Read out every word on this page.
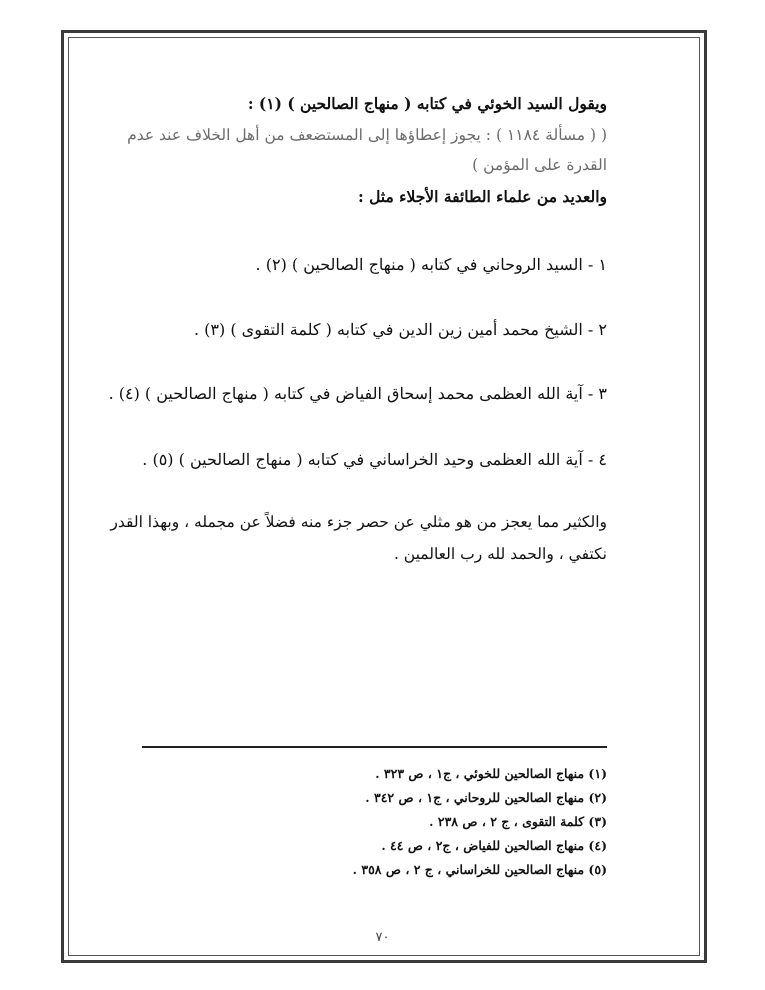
ويقول السيد الخوئي في كتابه ( منهاج الصالحين ) (١) :
( ( مسألة ١١٨٤ ) : يجوز إعطاؤها إلى المستضعف من أهل الخلاف عند عدم
القدرة على المؤمن )
والعديد من علماء الطائفة الأجلاء مثل :
١ - السيد الروحاني في كتابه ( منهاج الصالحين ) (٢) .
٢ - الشيخ محمد أمين زين الدين في كتابه ( كلمة التقوى ) (٣) .
٣ - آية الله العظمى محمد إسحاق الفياض في كتابه ( منهاج الصالحين ) (٤) .
٤ - آية الله العظمى وحيد الخراساني في كتابه ( منهاج الصالحين ) (٥) .
والكثير مما يعجز من هو مثلي عن حصر جزء منه فضلاً عن مجمله ، وبهذا القدر
نكتفي ، والحمد لله رب العالمين .
(١) منهاج الصالحين للخوئي ، ج١ ، ص ٣٢٣ .
(٢) منهاج الصالحين للروحاني ، ج١ ، ص ٣٤٢ .
(٣) كلمة التقوى ، ج ٢ ، ص ٢٣٨ .
(٤) منهاج الصالحين للفياض ، ج٢ ، ص ٤٤ .
(٥) منهاج الصالحين للخراساني ، ج ٢ ، ص ٣٥٨ .
٧٠
